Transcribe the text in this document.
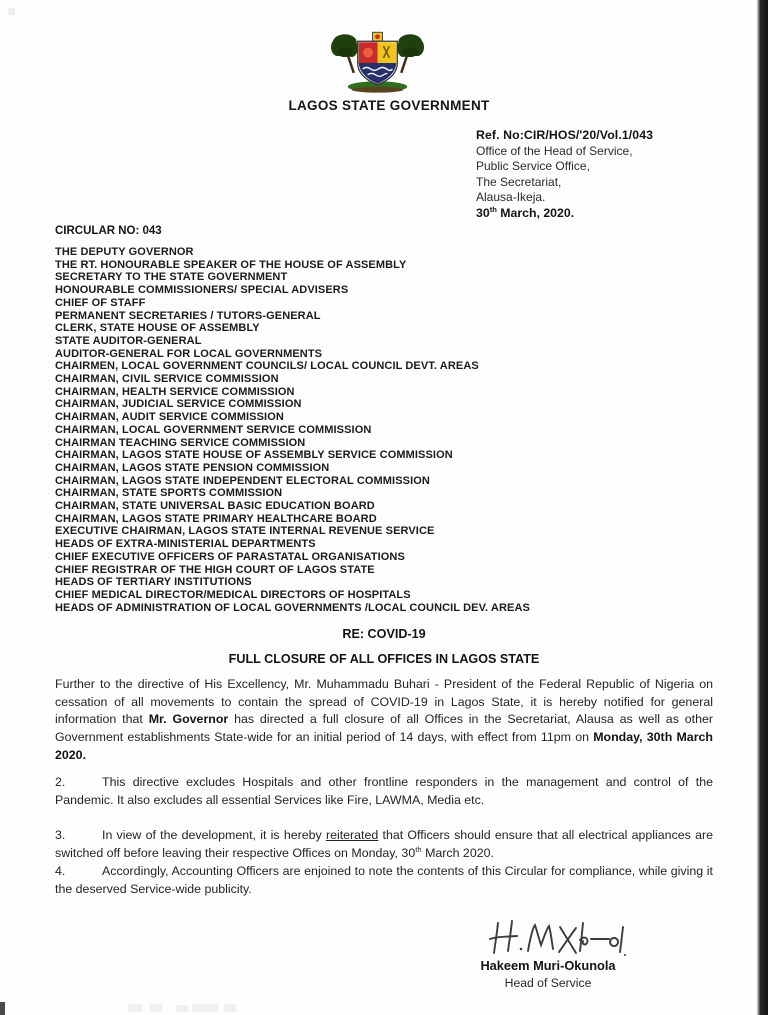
LAGOS STATE GOVERNMENT
Ref. No:CIR/HOS/'20/Vol.1/043
Office of the Head of Service,
Public Service Office,
The Secretariat,
Alausa-Ikeja.
30th March, 2020.
CIRCULAR NO: 043
THE DEPUTY GOVERNOR
THE RT. HONOURABLE SPEAKER OF THE HOUSE OF ASSEMBLY
SECRETARY TO THE STATE GOVERNMENT
HONOURABLE COMMISSIONERS/ SPECIAL ADVISERS
CHIEF OF STAFF
PERMANENT SECRETARIES / TUTORS-GENERAL
CLERK, STATE HOUSE OF ASSEMBLY
STATE AUDITOR-GENERAL
AUDITOR-GENERAL FOR LOCAL GOVERNMENTS
CHAIRMEN, LOCAL GOVERNMENT COUNCILS/ LOCAL COUNCIL DEVT. AREAS
CHAIRMAN, CIVIL SERVICE COMMISSION
CHAIRMAN, HEALTH SERVICE COMMISSION
CHAIRMAN, JUDICIAL SERVICE COMMISSION
CHAIRMAN, AUDIT SERVICE COMMISSION
CHAIRMAN, LOCAL GOVERNMENT SERVICE COMMISSION
CHAIRMAN TEACHING SERVICE COMMISSION
CHAIRMAN, LAGOS STATE HOUSE OF ASSEMBLY SERVICE COMMISSION
CHAIRMAN, LAGOS STATE PENSION COMMISSION
CHAIRMAN, LAGOS STATE INDEPENDENT ELECTORAL COMMISSION
CHAIRMAN, STATE SPORTS COMMISSION
CHAIRMAN, STATE UNIVERSAL BASIC EDUCATION BOARD
CHAIRMAN, LAGOS STATE PRIMARY HEALTHCARE BOARD
EXECUTIVE CHAIRMAN, LAGOS STATE INTERNAL REVENUE SERVICE
HEADS OF EXTRA-MINISTERIAL DEPARTMENTS
CHIEF EXECUTIVE OFFICERS OF PARASTATAL ORGANISATIONS
CHIEF REGISTRAR OF THE HIGH COURT OF LAGOS STATE
HEADS OF TERTIARY INSTITUTIONS
CHIEF MEDICAL DIRECTOR/MEDICAL DIRECTORS OF HOSPITALS
HEADS OF ADMINISTRATION OF LOCAL GOVERNMENTS /LOCAL COUNCIL DEV. AREAS
RE: COVID-19
FULL CLOSURE OF ALL OFFICES IN LAGOS STATE
Further to the directive of His Excellency, Mr. Muhammadu Buhari - President of the Federal Republic of Nigeria on cessation of all movements to contain the spread of COVID-19 in Lagos State, it is hereby notified for general information that Mr. Governor has directed a full closure of all Offices in the Secretariat, Alausa as well as other Government establishments State-wide for an initial period of 14 days, with effect from 11pm on Monday, 30th March 2020.
2.	This directive excludes Hospitals and other frontline responders in the management and control of the Pandemic. It also excludes all essential Services like Fire, LAWMA, Media etc.
3.	In view of the development, it is hereby reiterated that Officers should ensure that all electrical appliances are switched off before leaving their respective Offices on Monday, 30th March 2020.
4.	Accordingly, Accounting Officers are enjoined to note the contents of this Circular for compliance, while giving it the deserved Service-wide publicity.
Hakeem Muri-Okunola
Head of Service
